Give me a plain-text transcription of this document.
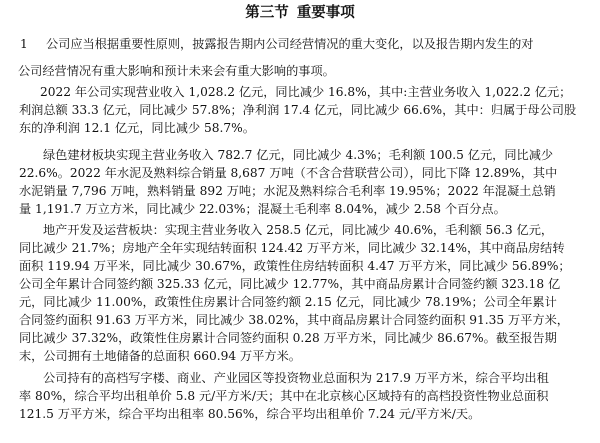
第三节 重要事项
1 公司应当根据重要性原则，披露报告期内公司经营情况的重大变化，以及报告期内发生的对
公司经营情况有重大影响和预计未来会有重大影响的事项。
2022 年公司实现营业收入 1,028.2 亿元，同比减少 16.8%，其中:主营业务收入 1,022.2 亿元；
利润总额 33.3 亿元，同比减少 57.8%；净利润 17.4 亿元，同比减少 66.6%，其中：归属于母公司股
东的净利润 12.1 亿元，同比减少 58.7%。
绿色建材板块实现主营业务收入 782.7 亿元，同比减少 4.3%；毛利额 100.5 亿元，同比减少
22.6%。2022 年水泥及熟料综合销量 8,687 万吨（不含合营联营公司），同比下降 12.89%，其中
水泥销量 7,796 万吨，熟料销量 892 万吨；水泥及熟料综合毛利率 19.95%；2022 年混凝土总销
量 1,191.7 万立方米，同比减少 22.03%；混凝土毛利率 8.04%，减少 2.58 个百分点。
地产开发及运营板块：实现主营业务收入 258.5 亿元，同比减少 40.6%，毛利额 56.3 亿元，
同比减少 21.7%；房地产全年实现结转面积 124.42 万平方米，同比减少 32.14%，其中商品房结转
面积 119.94 万平米，同比减少 30.67%，政策性住房结转面积 4.47 万平方米，同比减少 56.89%；
公司全年累计合同签约额 325.33 亿元，同比减少 12.77%，其中商品房累计合同签约额 323.18 亿
元，同比减少 11.00%，政策性住房累计合同签约额 2.15 亿元，同比减少 78.19%；公司全年累计
合同签约面积 91.63 万平方米，同比减少 38.02%，其中商品房累计合同签约面积 91.35 万平方米，
同比减少 37.32%，政策性住房累计合同签约面积 0.28 万平方米，同比减少 86.67%。截至报告期
末，公司拥有土地储备的总面积 660.94 万平方米。
公司持有的高档写字楼、商业、产业园区等投资物业总面积为 217.9 万平方米，综合平均出租
率 80%，综合平均出租单价 5.8 元/平方米/天；其中在北京核心区域持有的高档投资性物业总面积
121.5 万平方米，综合平均出租率 80.56%，综合平均出租单价 7.24 元/平方米/天。
